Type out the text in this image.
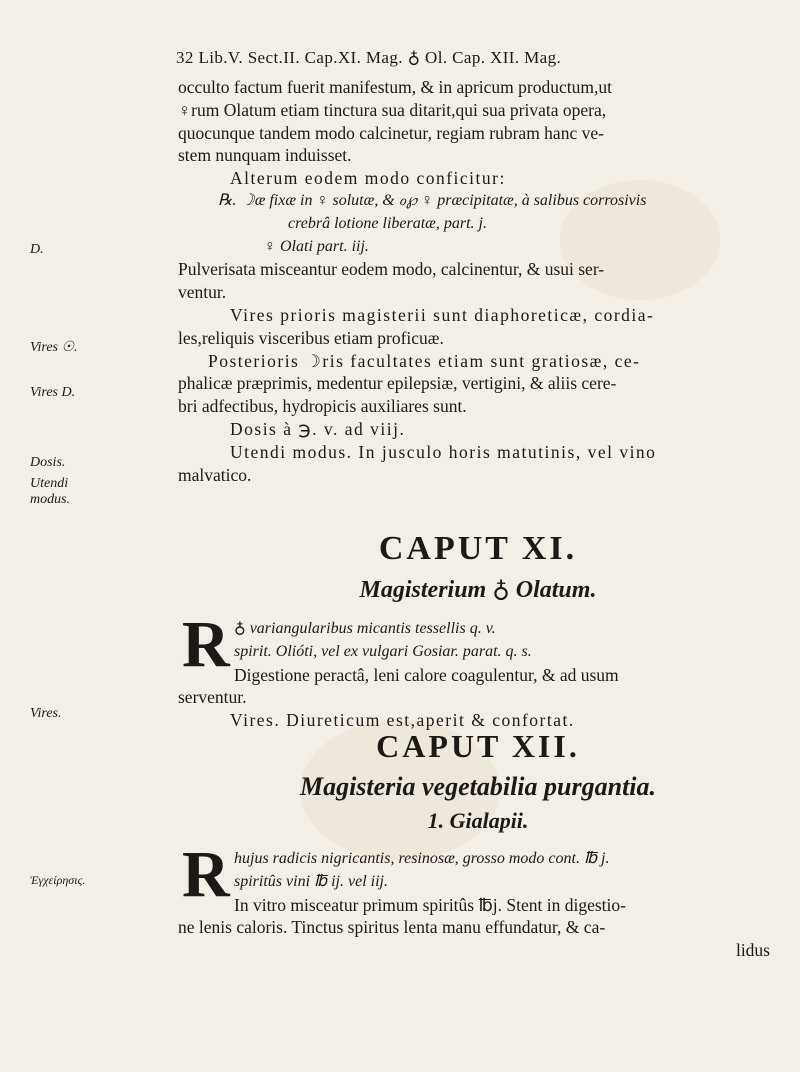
32 Lib.V. Sect.II. Cap.XI. Mag. ♁ Ol. Cap. XII. Mag.
D.
Vires ☉.
Vires D.
Dosis.
Utendi
modus.
Vires.
Ἐγχείρησις.
occulto factum fuerit manifestum, & in apricum productum,ut
♀rum Olatum etiam tinctura sua ditarit,qui sua privata opera,
quocunque tandem modo calcinetur, regiam rubram hanc ve-
stem nunquam induisset.
Alterum eodem modo conficitur:
℞. ☽æ fixæ in ♀ solutæ, & ℴ℘ ♀ præcipitatæ, à salibus corrosivis
crebrâ lotione liberatæ, part. j.
♀ Olati part. iij.
Pulverisata misceantur eodem modo, calcinentur, & usui ser-
ventur.
Vires prioris magisterii sunt diaphoreticæ, cordia-
les,reliquis visceribus etiam proficuæ.
Posterioris ☽ris facultates etiam sunt gratiosæ, ce-
phalicæ præprimis, medentur epilepsiæ, vertigini, & aliis cere-
bri adfectibus, hydropicis auxiliares sunt.
Dosis à ℈. v. ad viij.
Utendi modus. In jusculo horis matutinis, vel vino
malvatico.
CAPUT XI.
Magisterium ♁ Olatum.
R ♁ variangularibus micantis tessellis q. v.
spirit. Olióti, vel ex vulgari Gosiar. parat. q. s.
Digestione peractâ, leni calore coagulentur, & ad usum
serventur.
Vires. Diureticum est,aperit & confortat.
CAPUT XII.
Magisteria vegetabilia purgantia.
1. Gialapii.
R hujus radicis nigricantis, resinosæ, grosso modo cont. ℔ j.
spiritûs vini ℔ ij. vel iij.
In vitro misceatur primum spiritûs ℔j. Stent in digestio-
ne lenis caloris. Tinctus spiritus lenta manu effundatur, & ca-
lidus
